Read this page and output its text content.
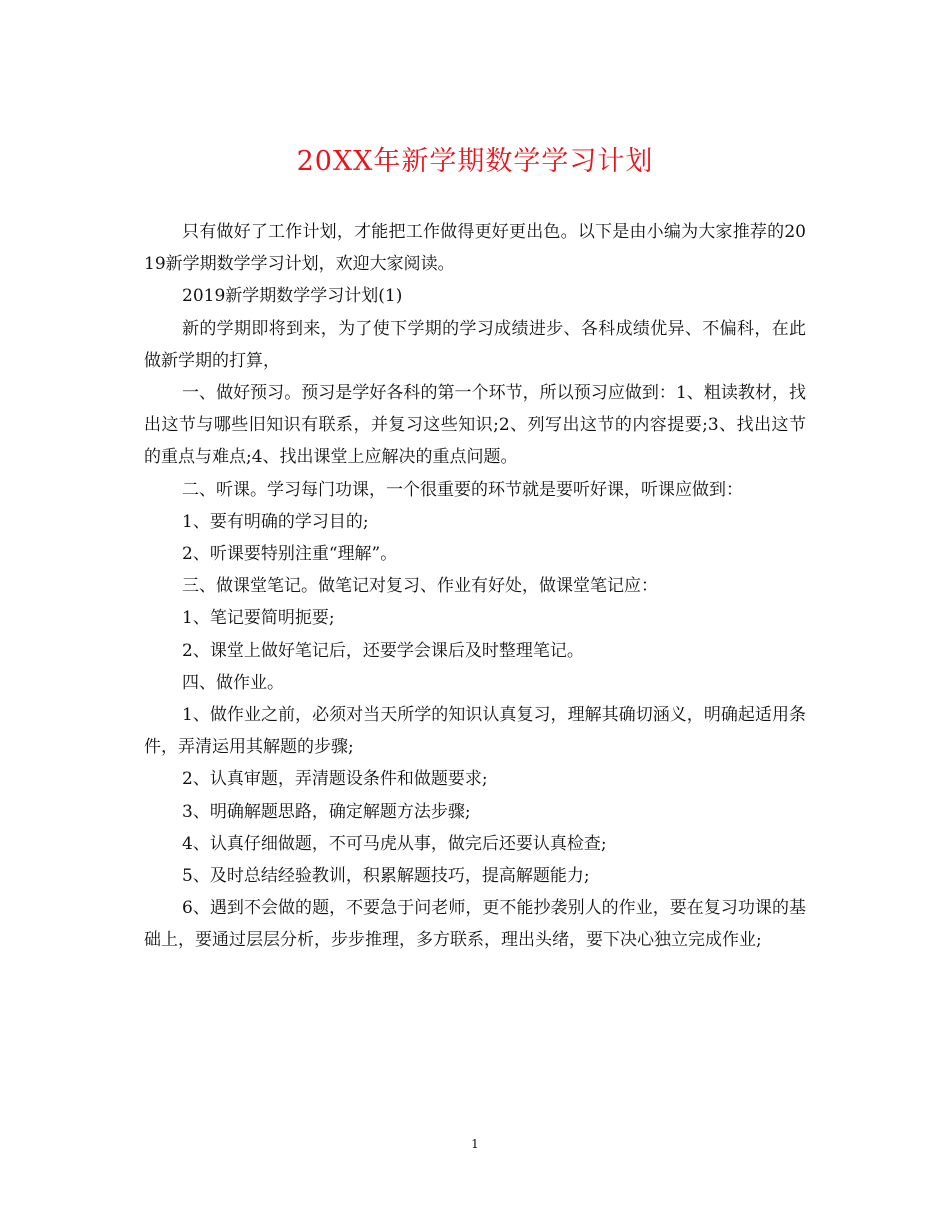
20XX年新学期数学学习计划

只有做好了工作计划，才能把工作做得更好更出色。以下是由小编为大家推荐的2019新学期数学学习计划，欢迎大家阅读。

2019新学期数学学习计划(1)

新的学期即将到来，为了使下学期的学习成绩进步、各科成绩优异、不偏科，在此做新学期的打算，

一、做好预习。预习是学好各科的第一个环节，所以预习应做到：1、粗读教材，找出这节与哪些旧知识有联系，并复习这些知识;2、列写出这节的内容提要;3、找出这节的重点与难点;4、找出课堂上应解决的重点问题。

二、听课。学习每门功课，一个很重要的环节就是要听好课，听课应做到：

1、要有明确的学习目的;

2、听课要特别注重“理解”。

三、做课堂笔记。做笔记对复习、作业有好处，做课堂笔记应：

1、笔记要简明扼要;

2、课堂上做好笔记后，还要学会课后及时整理笔记。

四、做作业。

1、做作业之前，必须对当天所学的知识认真复习，理解其确切涵义，明确起适用条件，弄清运用其解题的步骤;

2、认真审题，弄清题设条件和做题要求;

3、明确解题思路，确定解题方法步骤;

4、认真仔细做题，不可马虎从事，做完后还要认真检查;

5、及时总结经验教训，积累解题技巧，提高解题能力;

6、遇到不会做的题，不要急于问老师，更不能抄袭别人的作业，要在复习功课的基础上，要通过层层分析，步步推理，多方联系，理出头绪，要下决心独立完成作业;

1
